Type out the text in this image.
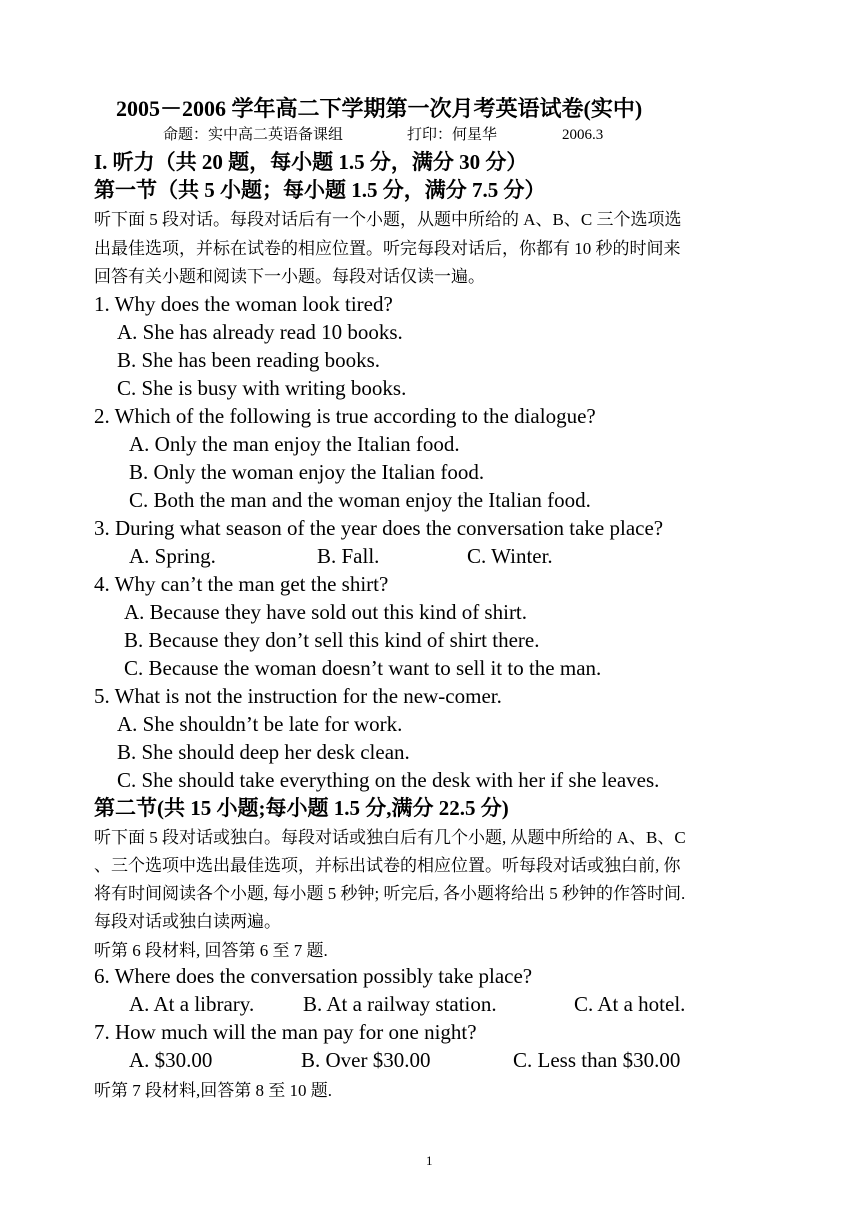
2005－2006 学年高二下学期第一次月考英语试卷(实中)
命题：实中高二英语备课组	打印：何星华	2006.3
I. 听力（共 20 题，每小题 1.5 分，满分 30 分）
第一节（共 5 小题；每小题 1.5 分，满分 7.5 分）
听下面 5 段对话。每段对话后有一个小题，从题中所给的 A、B、C 三个选项选
出最佳选项，并标在试卷的相应位置。听完每段对话后，你都有 10 秒的时间来
回答有关小题和阅读下一小题。每段对话仅读一遍。
1. Why does the woman look tired?
A. She has already read 10 books.
B. She has been reading books.
C. She is busy with writing books.
2. Which of the following is true according to the dialogue?
A. Only the man enjoy the Italian food.
B. Only the woman enjoy the Italian food.
C. Both the man and the woman enjoy the Italian food.
3. During what season of the year does the conversation take place?
A. Spring.	B. Fall.	C. Winter.
4. Why can’t the man get the shirt?
A. Because they have sold out this kind of shirt.
B. Because they don’t sell this kind of shirt there.
C. Because the woman doesn’t want to sell it to the man.
5. What is not the instruction for the new-comer.
A. She shouldn’t be late for work.
B. She should deep her desk clean.
C. She should take everything on the desk with her if she leaves.
第二节(共 15 小题;每小题 1.5 分,满分 22.5 分)
听下面 5 段对话或独白。每段对话或独白后有几个小题, 从题中所给的 A、B、C
、三个选项中选出最佳选项，并标出试卷的相应位置。听每段对话或独白前, 你
将有时间阅读各个小题, 每小题 5 秒钟; 听完后, 各小题将给出 5 秒钟的作答时间.
每段对话或独白读两遍。
听第 6 段材料, 回答第 6 至 7 题.
6. Where does the conversation possibly take place?
A. At a library. B. At a railway station.	C. At a hotel.
7. How much will the man pay for one night?
A. $30.00	B. Over $30.00	C. Less than $30.00
听第 7 段材料,回答第 8 至 10 题.
1
